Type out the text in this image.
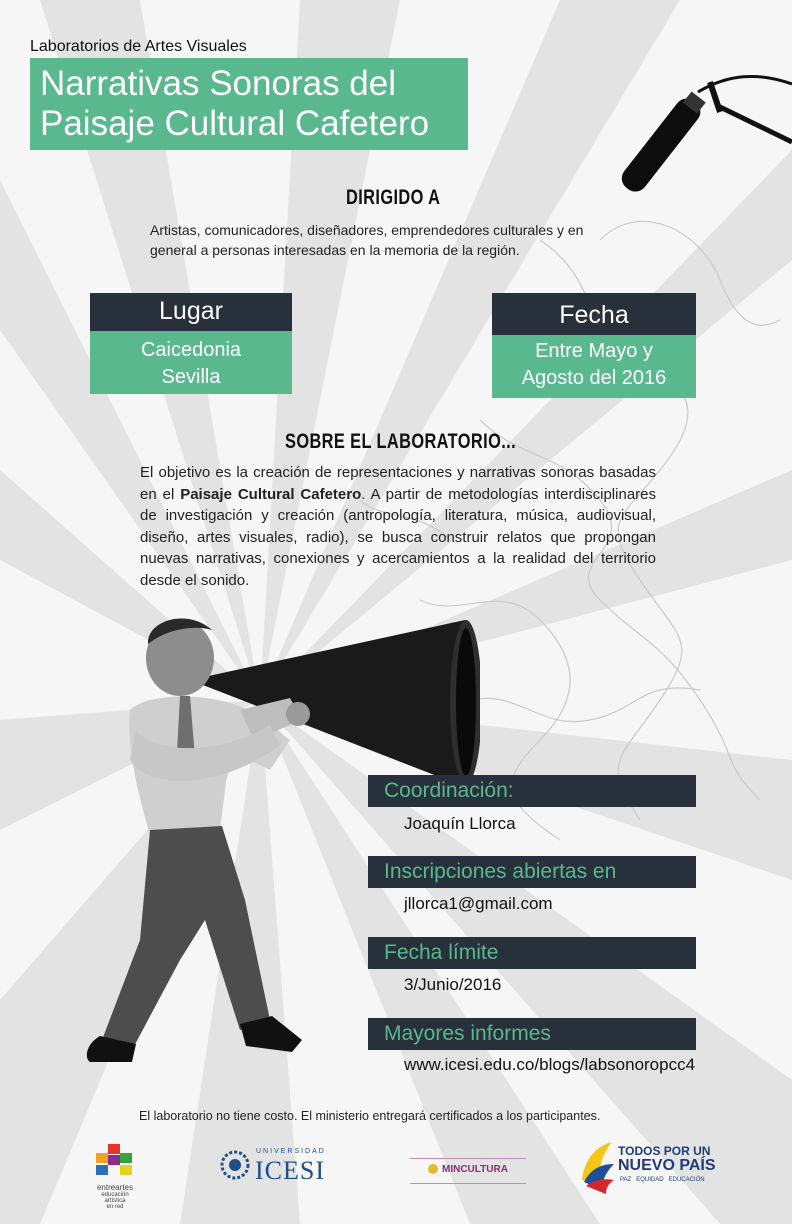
Laboratorios de Artes Visuales
Narrativas Sonoras del
Paisaje Cultural Cafetero
DIRIGIDO A
Artistas, comunicadores, diseñadores, emprendedores culturales y en general a personas interesadas en la memoria de la región.
Lugar
Caicedonia
Sevilla
Fecha
Entre Mayo y
Agosto del 2016
SOBRE EL LABORATORIO...
El objetivo es la creación de representaciones y narrativas sonoras basadas en el Paisaje Cultural Cafetero. A partir de metodologías interdisciplinares de investigación y creación (antropología, literatura, música, audiovisual, diseño, artes visuales, radio), se busca construir relatos que propongan nuevas narrativas, conexiones y acercamientos a la realidad del territorio desde el sonido.
Coordinación:
Joaquín Llorca
Inscripciones abiertas en
jllorca1@gmail.com
Fecha límite
3/Junio/2016
Mayores informes
www.icesi.edu.co/blogs/labsonoropcc4
El laboratorio no tiene costo. El ministerio entregará certificados a los participantes.
entreartes
educación artística
en red
UNIVERSIDAD
ICESI	MINCULTURA
TODOS POR UN
NUEVO PAÍS
PAZ   EQUIDAD   EDUCACIÓN
